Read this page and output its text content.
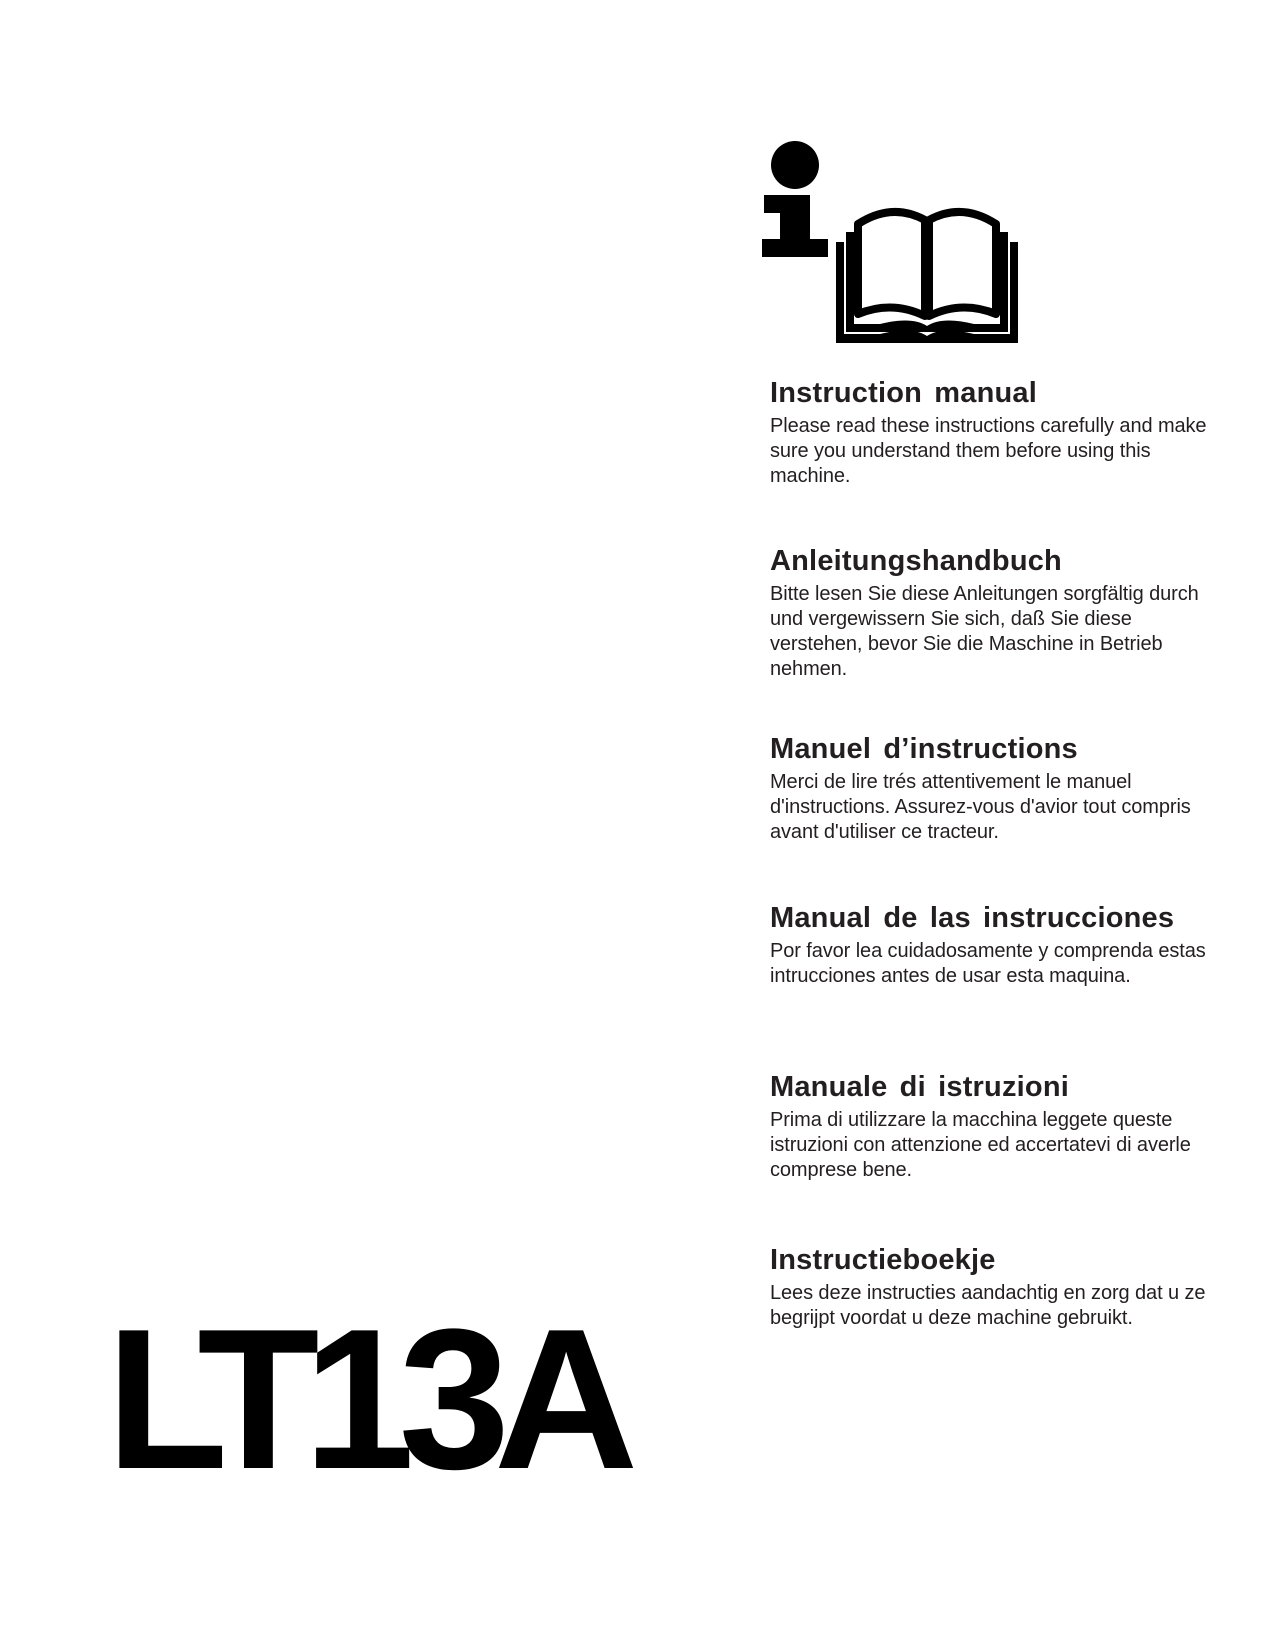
Instruction manual

Please read these instructions carefully and make sure you understand them before using this machine.

Anleitungshandbuch

Bitte lesen Sie diese Anleitungen sorgfältig durch und vergewissern Sie sich, daß Sie diese verstehen, bevor Sie die Maschine in Betrieb nehmen.

Manuel d’instructions

Merci de lire trés attentivement le manuel d'instructions. Assurez-vous d'avior tout compris avant d'utiliser ce tracteur.

Manual de las instrucciones

Por favor lea cuidadosamente y comprenda estas intrucciones antes de usar esta maquina.

Manuale di istruzioni

Prima di utilizzare la macchina leggete queste istruzioni con attenzione ed accertatevi di averle comprese bene.

Instructieboekje

Lees deze instructies aandachtig en zorg dat u ze begrijpt voordat u deze machine gebruikt.

LT13A
